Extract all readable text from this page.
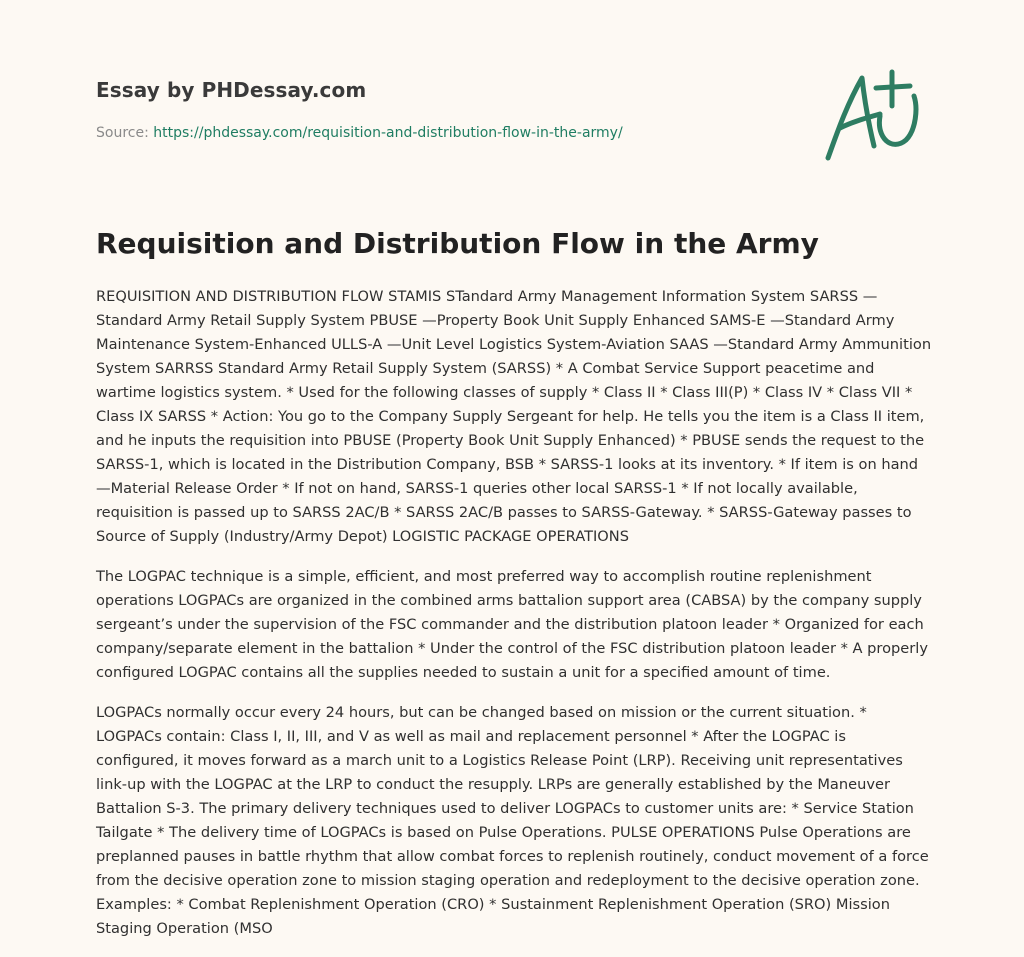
Essay by PHDessay.com
Source: https://phdessay.com/requisition-and-distribution-flow-in-the-army/
Requisition and Distribution Flow in the Army

REQUISITION AND DISTRIBUTION FLOW STAMIS STandard Army Management Information System SARSS —Standard Army Retail Supply System PBUSE —Property Book Unit Supply Enhanced SAMS-E —Standard Army Maintenance System-Enhanced ULLS-A —Unit Level Logistics System-Aviation SAAS —Standard Army Ammunition System SARRSS Standard Army Retail Supply System (SARSS) * A Combat Service Support peacetime and wartime logistics system. * Used for the following classes of supply * Class II * Class III(P) * Class IV * Class VII * Class IX SARSS * Action: You go to the Company Supply Sergeant for help. He tells you the item is a Class II item, and he inputs the requisition into PBUSE (Property Book Unit Supply Enhanced) * PBUSE sends the request to the SARSS-1, which is located in the Distribution Company, BSB * SARSS-1 looks at its inventory. * If item is on hand—Material Release Order * If not on hand, SARSS-1 queries other local SARSS-1 * If not locally available, requisition is passed up to SARSS 2AC/B * SARSS 2AC/B passes to SARSS-Gateway. * SARSS-Gateway passes to Source of Supply (Industry/Army Depot) LOGISTIC PACKAGE OPERATIONS

The LOGPAC technique is a simple, efficient, and most preferred way to accomplish routine replenishment operations LOGPACs are organized in the combined arms battalion support area (CABSA) by the company supply sergeant’s under the supervision of the FSC commander and the distribution platoon leader * Organized for each company/separate element in the battalion * Under the control of the FSC distribution platoon leader * A properly configured LOGPAC contains all the supplies needed to sustain a unit for a specified amount of time.

LOGPACs normally occur every 24 hours, but can be changed based on mission or the current situation. * LOGPACs contain: Class I, II, III, and V as well as mail and replacement personnel * After the LOGPAC is configured, it moves forward as a march unit to a Logistics Release Point (LRP). Receiving unit representatives link-up with the LOGPAC at the LRP to conduct the resupply. LRPs are generally established by the Maneuver Battalion S-3. The primary delivery techniques used to deliver LOGPACs to customer units are: * Service Station Tailgate * The delivery time of LOGPACs is based on Pulse Operations. PULSE OPERATIONS Pulse Operations are preplanned pauses in battle rhythm that allow combat forces to replenish routinely, conduct movement of a force from the decisive operation zone to mission staging operation and redeployment to the decisive operation zone. Examples: * Combat Replenishment Operation (CRO) * Sustainment Replenishment Operation (SRO) Mission Staging Operation (MSO
